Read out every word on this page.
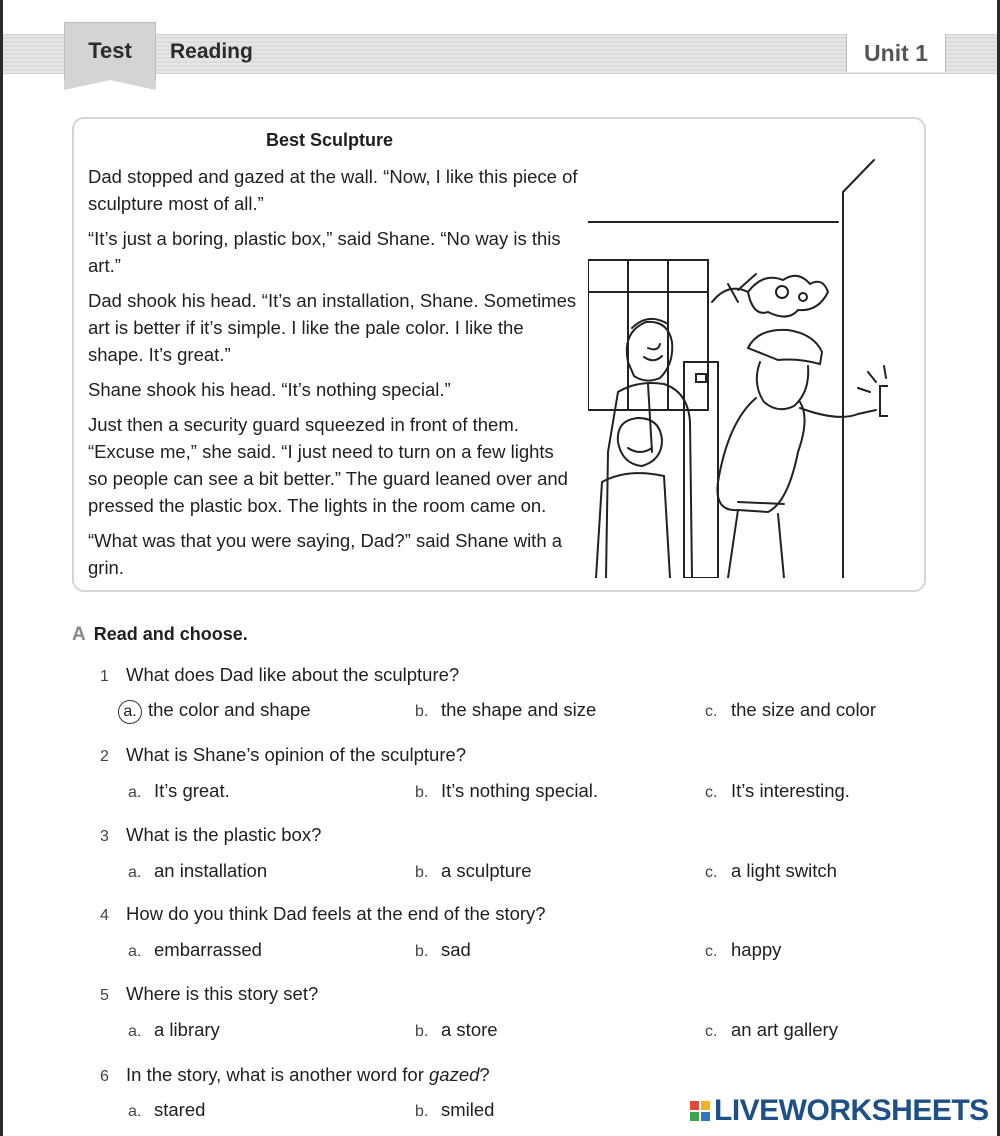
Test Reading	Unit 1
Best Sculpture

Dad stopped and gazed at the wall. “Now, I like this piece of sculpture most of all.”

“It’s just a boring, plastic box,” said Shane. “No way is this art.”

Dad shook his head. “It’s an installation, Shane. Sometimes art is better if it’s simple. I like the pale color. I like the shape. It’s great.”

Shane shook his head. “It’s nothing special.”

Just then a security guard squeezed in front of them. “Excuse me,” she said. “I just need to turn on a few lights so people can see a bit better.” The guard leaned over and pressed the plastic box. The lights in the room came on.

“What was that you were saying, Dad?” said Shane with a grin.

A Read and choose.
1 What does Dad like about the sculpture?
a. the color and shape	b. the shape and size	c. the size and color
2 What is Shane’s opinion of the sculpture?
a. It’s great.	b. It’s nothing special.	c. It’s interesting.
3 What is the plastic box?
a. an installation	b. a sculpture	c. a light switch
4 How do you think Dad feels at the end of the story?
a. embarrassed	b. sad	c. happy
5 Where is this story set?
a. a library	b. a store	c. an art gallery
6 In the story, what is another word for gazed?
a. stared	b. smiled	LIVEWORKSHEETS
